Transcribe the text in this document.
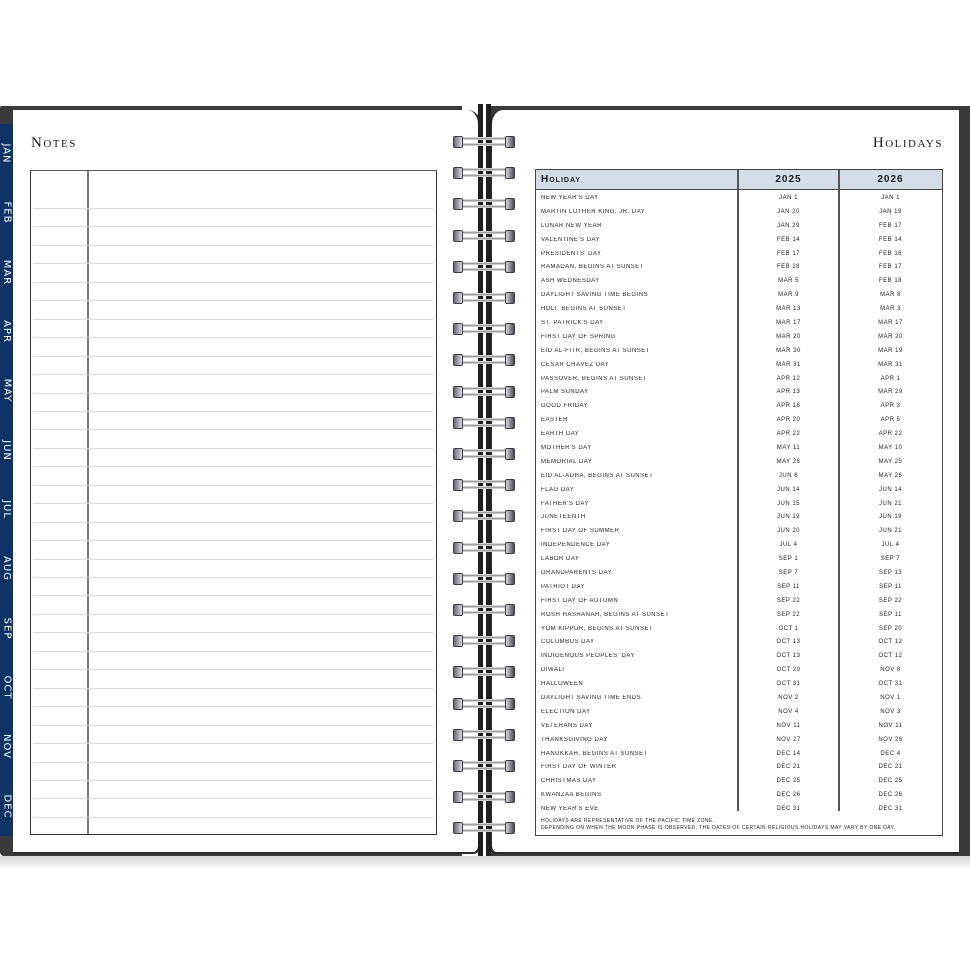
JAN
FEB
MAR
APR
MAY
JUN
JUL
AUG
SEP
OCT
NOV
DEC
Notes	Holidays
Holiday	2025	2026
NEW YEAR'S DAY	JAN 1	JAN 1
MARTIN LUTHER KING, JR. DAY	JAN 20	JAN 19
LUNAR NEW YEAR	JAN 29	FEB 17
VALENTINE'S DAY	FEB 14	FEB 14
PRESIDENTS' DAY	FEB 17	FEB 16
RAMADAN, BEGINS AT SUNSET	FEB 28	FEB 17
ASH WEDNESDAY	MAR 5	FEB 18
DAYLIGHT SAVING TIME BEGINS	MAR 9	MAR 8
HOLI, BEGINS AT SUNSET	MAR 13	MAR 3
ST. PATRICK'S DAY	MAR 17	MAR 17
FIRST DAY OF SPRING	MAR 20	MAR 20
EID AL-FITR, BEGINS AT SUNSET	MAR 30	MAR 19
CÉSAR CHÁVEZ DAY	MAR 31	MAR 31
PASSOVER, BEGINS AT SUNSET	APR 12	APR 1
PALM SUNDAY	APR 13	MAR 29
GOOD FRIDAY	APR 18	APR 3
EASTER	APR 20	APR 5
EARTH DAY	APR 22	APR 22
MOTHER'S DAY	MAY 11	MAY 10
MEMORIAL DAY	MAY 26	MAY 25
EID AL-ADHA, BEGINS AT SUNSET	JUN 6	MAY 26
FLAG DAY	JUN 14	JUN 14
FATHER'S DAY	JUN 15	JUN 21
JUNETEENTH	JUN 19	JUN 19
FIRST DAY OF SUMMER	JUN 20	JUN 21
INDEPENDENCE DAY	JUL 4	JUL 4
LABOR DAY	SEP 1	SEP 7
GRANDPARENTS DAY	SEP 7	SEP 13
PATRIOT DAY	SEP 11	SEP 11
FIRST DAY OF AUTUMN	SEP 22	SEP 22
ROSH HASHANAH, BEGINS AT SUNSET	SEP 22	SEP 11
YOM KIPPUR, BEGINS AT SUNSET	OCT 1	SEP 20
COLUMBUS DAY	OCT 13	OCT 12
INDIGENOUS PEOPLES' DAY	OCT 13	OCT 12
DIWALI	OCT 20	NOV 8
HALLOWEEN	OCT 31	OCT 31
DAYLIGHT SAVING TIME ENDS	NOV 2	NOV 1
ELECTION DAY	NOV 4	NOV 3
VETERANS DAY	NOV 11	NOV 11
THANKSGIVING DAY	NOV 27	NOV 26
HANUKKAH, BEGINS AT SUNSET	DEC 14	DEC 4
FIRST DAY OF WINTER	DEC 21	DEC 21
CHRISTMAS DAY	DEC 25	DEC 25
KWANZAA BEGINS	DEC 26	DEC 26
NEW YEAR'S EVE	DEC 31	DEC 31
HOLIDAYS ARE REPRESENTATIVE OF THE PACIFIC TIME ZONE.
DEPENDING ON WHEN THE MOON PHASE IS OBSERVED, THE DATES OF CERTAIN RELIGIOUS HOLIDAYS MAY VARY BY ONE DAY.
